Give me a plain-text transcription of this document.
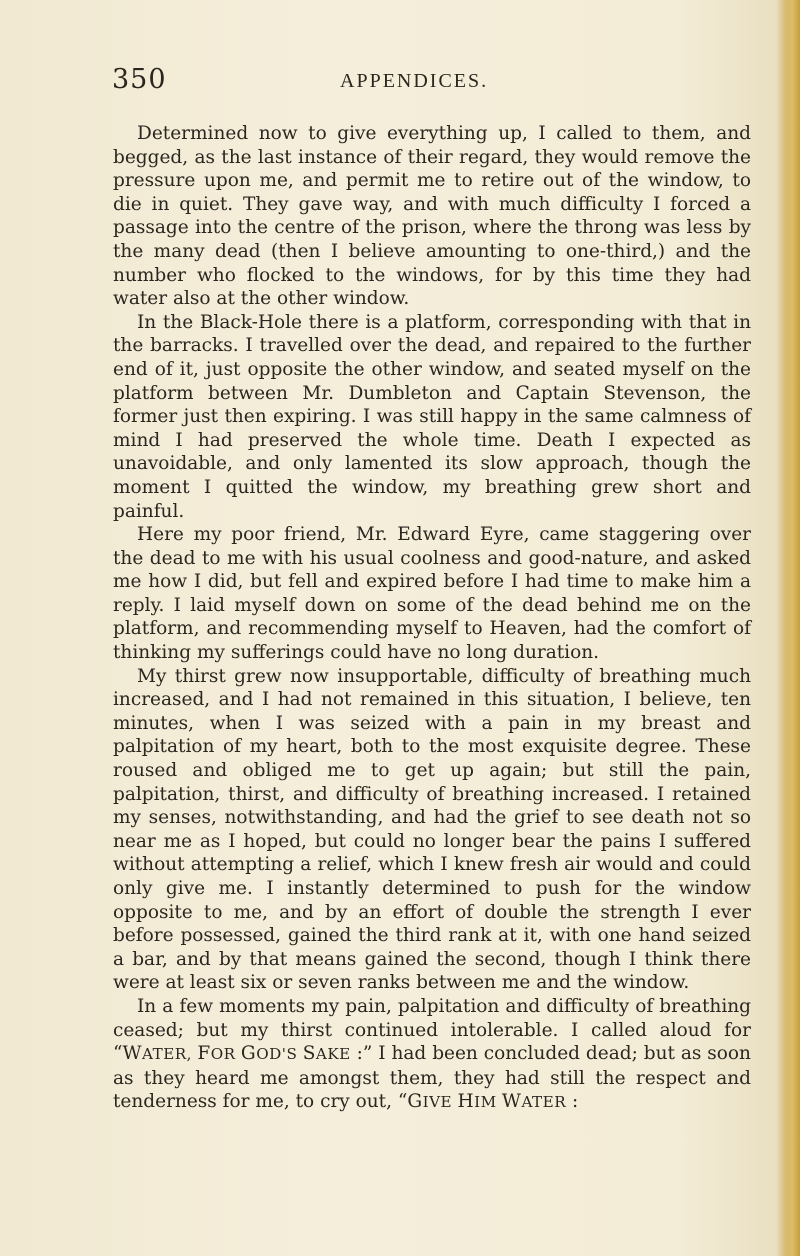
350	APPENDICES.

Determined now to give everything up, I called to them, and begged, as the last instance of their regard, they would remove the pressure upon me, and permit me to retire out of the window, to die in quiet. They gave way, and with much difficulty I forced a passage into the centre of the prison, where the throng was less by the many dead (then I believe amounting to one-third,) and the number who flocked to the windows, for by this time they had water also at the other window.

In the Black-Hole there is a platform, corresponding with that in the barracks. I travelled over the dead, and repaired to the further end of it, just opposite the other window, and seated myself on the platform between Mr. Dumbleton and Captain Stevenson, the former just then expiring. I was still happy in the same calmness of mind I had preserved the whole time. Death I expected as unavoidable, and only lamented its slow approach, though the moment I quitted the window, my breathing grew short and painful.

Here my poor friend, Mr. Edward Eyre, came staggering over the dead to me with his usual coolness and good-nature, and asked me how I did, but fell and expired before I had time to make him a reply. I laid myself down on some of the dead behind me on the platform, and recommending myself to Heaven, had the comfort of thinking my sufferings could have no long duration.

My thirst grew now insupportable, difficulty of breathing much increased, and I had not remained in this situation, I believe, ten minutes, when I was seized with a pain in my breast and palpitation of my heart, both to the most exquisite degree. These roused and obliged me to get up again; but still the pain, palpitation, thirst, and difficulty of breathing increased. I retained my senses, notwithstanding, and had the grief to see death not so near me as I hoped, but could no longer bear the pains I suffered without attempting a relief, which I knew fresh air would and could only give me. I instantly determined to push for the window opposite to me, and by an effort of double the strength I ever before possessed, gained the third rank at it, with one hand seized a bar, and by that means gained the second, though I think there were at least six or seven ranks between me and the window.

In a few moments my pain, palpitation and difficulty of breathing ceased; but my thirst continued intolerable. I called aloud for “WATER, FOR GOD'S SAKE :” I had been concluded dead; but as soon as they heard me amongst them, they had still the respect and tenderness for me, to cry out, “GIVE HIM WATER :
